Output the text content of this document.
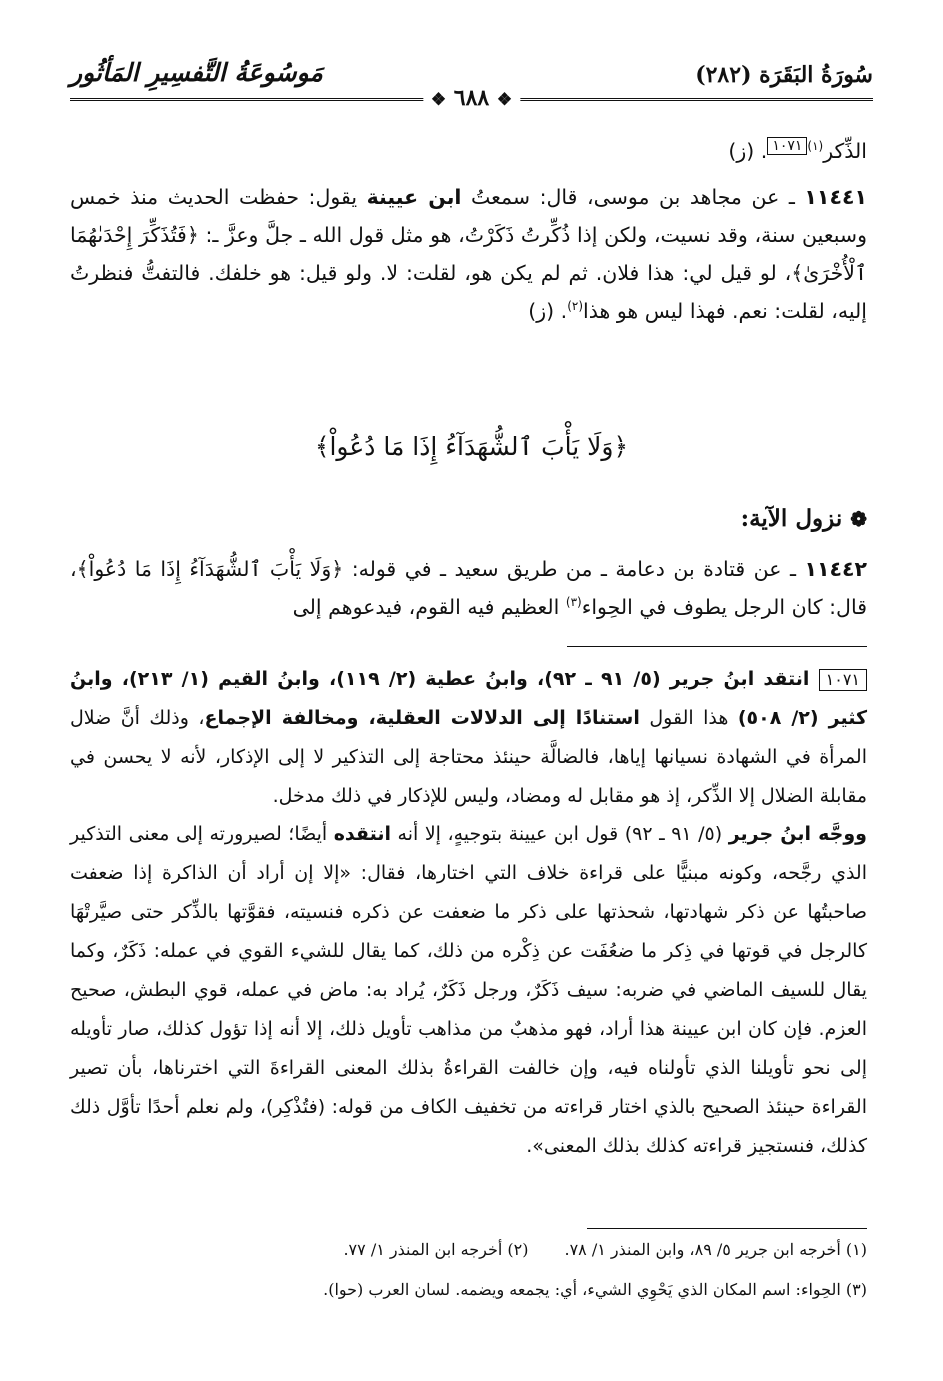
سُورَةُ البَقَرَة (٢٨٢)
مَوسُوعَةُ التَّفسِيرِ المَأثُور
❖ ٦٨٨ ❖
الذِّكر$^{(١)}$١٠٧١. (ز)
١١٤٤١ ـ عن مجاهد بن موسى، قال: سمعتُ ابن عيينة يقول: حفظت الحديث منذ خمس وسبعين سنة، وقد نسيت، ولكن إذا ذُكِّرتُ ذَكَرْتُ، هو مثل قول الله ـ جلَّ وعزَّ ـ: ﴿فَتُذَكِّرَ إِحْدَىٰهُمَا ٱلْأُخْرَىٰ﴾، لو قيل لي: هذا فلان. ثم لم يكن هو، لقلت: لا. ولو قيل: هو خلفك. فالتفتُّ فنظرتُ إليه، لقلت: نعم. فهذا ليس هو هذا$^{(٢)}$. (ز)
﴿وَلَا يَأْبَ ٱلشُّهَدَآءُ إِذَا مَا دُعُواْ﴾
❁نزول الآية:
١١٤٤٢ ـ عن قتادة بن دعامة ـ من طريق سعيد ـ في قوله: ﴿وَلَا يَأْبَ ٱلشُّهَدَآءُ إِذَا مَا دُعُواْ﴾، قال: كان الرجل يطوف في الحِواء$^{(٣)}$ العظيم فيه القوم، فيدعوهم إلى
١٠٧١ انتقد ابنُ جرير (٥/ ٩١ ـ ٩٢)، وابنُ عطية (٢/ ١١٩)، وابنُ القيم (١/ ٢١٣)، وابنُ كثير (٢/ ٥٠٨) هذا القول استنادًا إلى الدلالات العقلية، ومخالفة الإجماع، وذلك أنَّ ضلال المرأة في الشهادة نسيانها إياها، فالضالَّة حينئذ محتاجة إلى التذكير لا إلى الإذكار، لأنه لا يحسن في مقابلة الضلال إلا الذِّكر، إذ هو مقابل له ومضاد، وليس للإذكار في ذلك مدخل.
ووجَّه ابنُ جرير (٥/ ٩١ ـ ٩٢) قول ابن عيينة بتوجيهٍ، إلا أنه انتقده أيضًا؛ لصيرورته إلى معنى التذكير الذي رجَّحه، وكونه مبنيًّا على قراءة خلاف التي اختارها، فقال: «إلا إن أراد أن الذاكرة إذا ضعفت صاحبتُها عن ذكر شهادتها، شحذتها على ذكر ما ضعفت عن ذكره فنسيته، فقوَّتها بالذِّكر حتى صيَّرتْهَا كالرجل في قوتها في ذِكر ما ضعُفَت عن ذِكْره من ذلك، كما يقال للشيء القوي في عمله: ذَكَرٌ، وكما يقال للسيف الماضي في ضربه: سيف ذَكَرٌ، ورجل ذَكَرٌ، يُراد به: ماض في عمله، قوي البطش، صحيح العزم. فإن كان ابن عيينة هذا أراد، فهو مذهبٌ من مذاهب تأويل ذلك، إلا أنه إذا تؤول كذلك، صار تأويله إلى نحو تأويلنا الذي تأولناه فيه، وإن خالفت القراءةُ بذلك المعنى القراءةَ التي اخترناها، بأن تصير القراءة حينئذ الصحيح بالذي اختار قراءته من تخفيف الكاف من قوله: (فتُذْكِر)، ولم نعلم أحدًا تأوَّل ذلك كذلك، فنستجيز قراءته كذلك بذلك المعنى».
(١) أخرجه ابن جرير ٥/ ٨٩، وابن المنذر ١/ ٧٨.(٢) أخرجه ابن المنذر ١/ ٧٧.
(٣) الحِواء: اسم المكان الذي يَحْوِي الشيء، أي: يجمعه ويضمه. لسان العرب (حوا).
